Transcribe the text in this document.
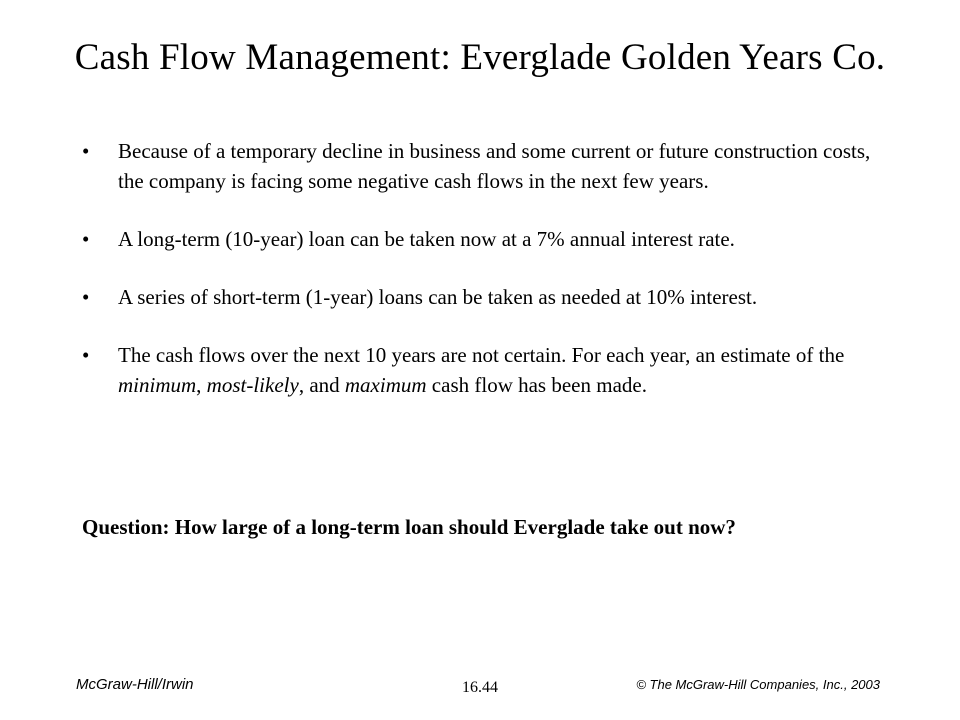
Cash Flow Management: Everglade Golden Years Co.
• Because of a temporary decline in business and some current or future construction costs, the company is facing some negative cash flows in the next few years.
• A long-term (10-year) loan can be taken now at a 7% annual interest rate.
• A series of short-term (1-year) loans can be taken as needed at 10% interest.
• The cash flows over the next 10 years are not certain. For each year, an estimate of the minimum, most-likely, and maximum cash flow has been made.
Question: How large of a long-term loan should Everglade take out now?
McGraw-Hill/Irwin	16.44	© The McGraw-Hill Companies, Inc., 2003
